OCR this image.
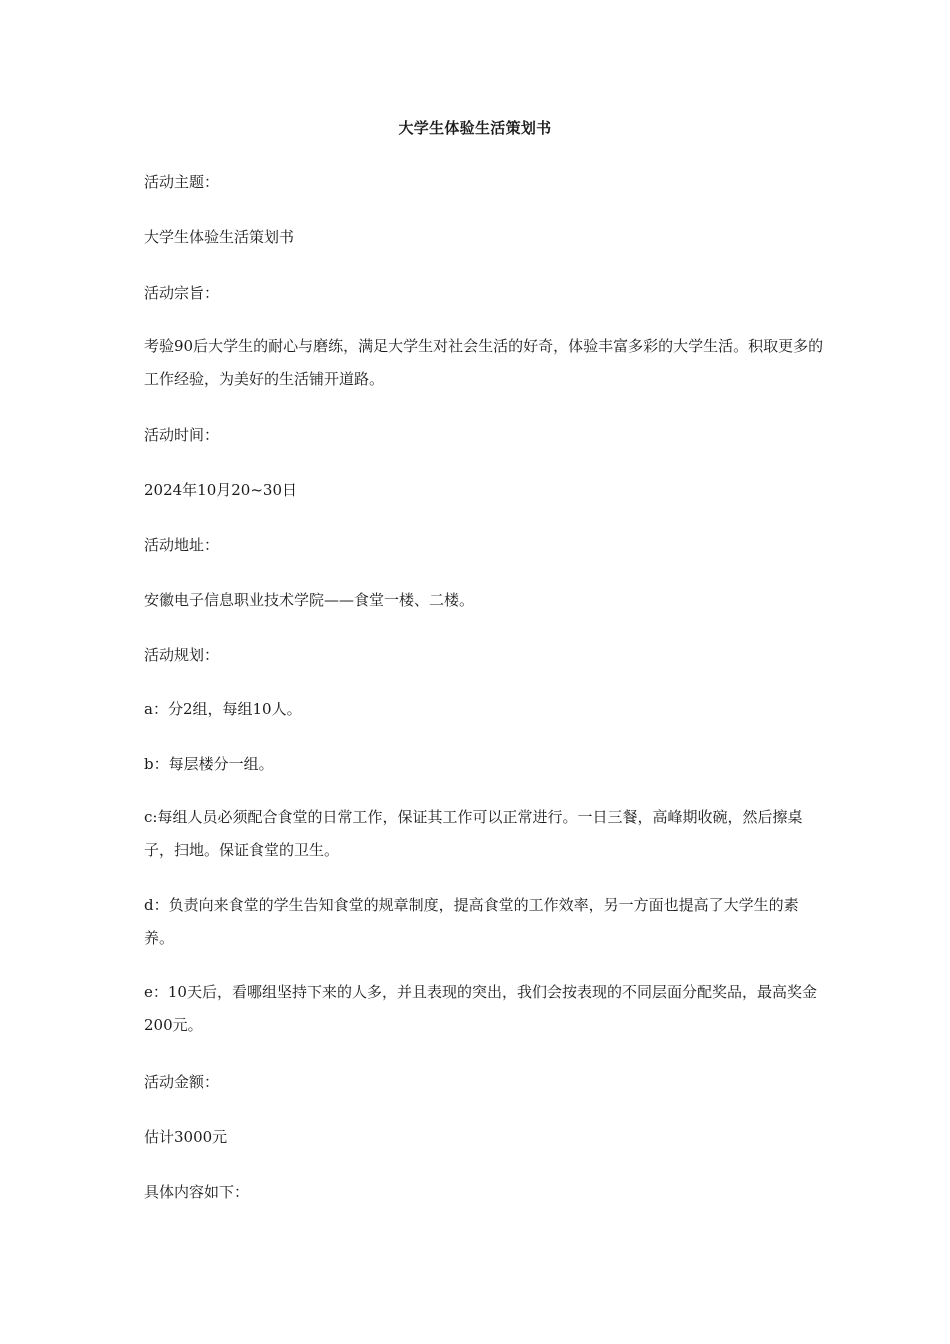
大学生体验生活策划书
活动主题：
大学生体验生活策划书
活动宗旨：
考验90后大学生的耐心与磨练，满足大学生对社会生活的好奇，体验丰富多彩的大学生活。积取更多的工作经验，为美好的生活铺开道路。
活动时间：
2024年10月20~30日
活动地址：
安徽电子信息职业技术学院——食堂一楼、二楼。
活动规划：
a：分2组，每组10人。
b：每层楼分一组。
c:每组人员必须配合食堂的日常工作，保证其工作可以正常进行。一日三餐，高峰期收碗，然后擦桌子，扫地。保证食堂的卫生。
d：负责向来食堂的学生告知食堂的规章制度，提高食堂的工作效率，另一方面也提高了大学生的素养。
e：10天后，看哪组坚持下来的人多，并且表现的突出，我们会按表现的不同层面分配奖品，最高奖金200元。
活动金额：
估计3000元
具体内容如下：
